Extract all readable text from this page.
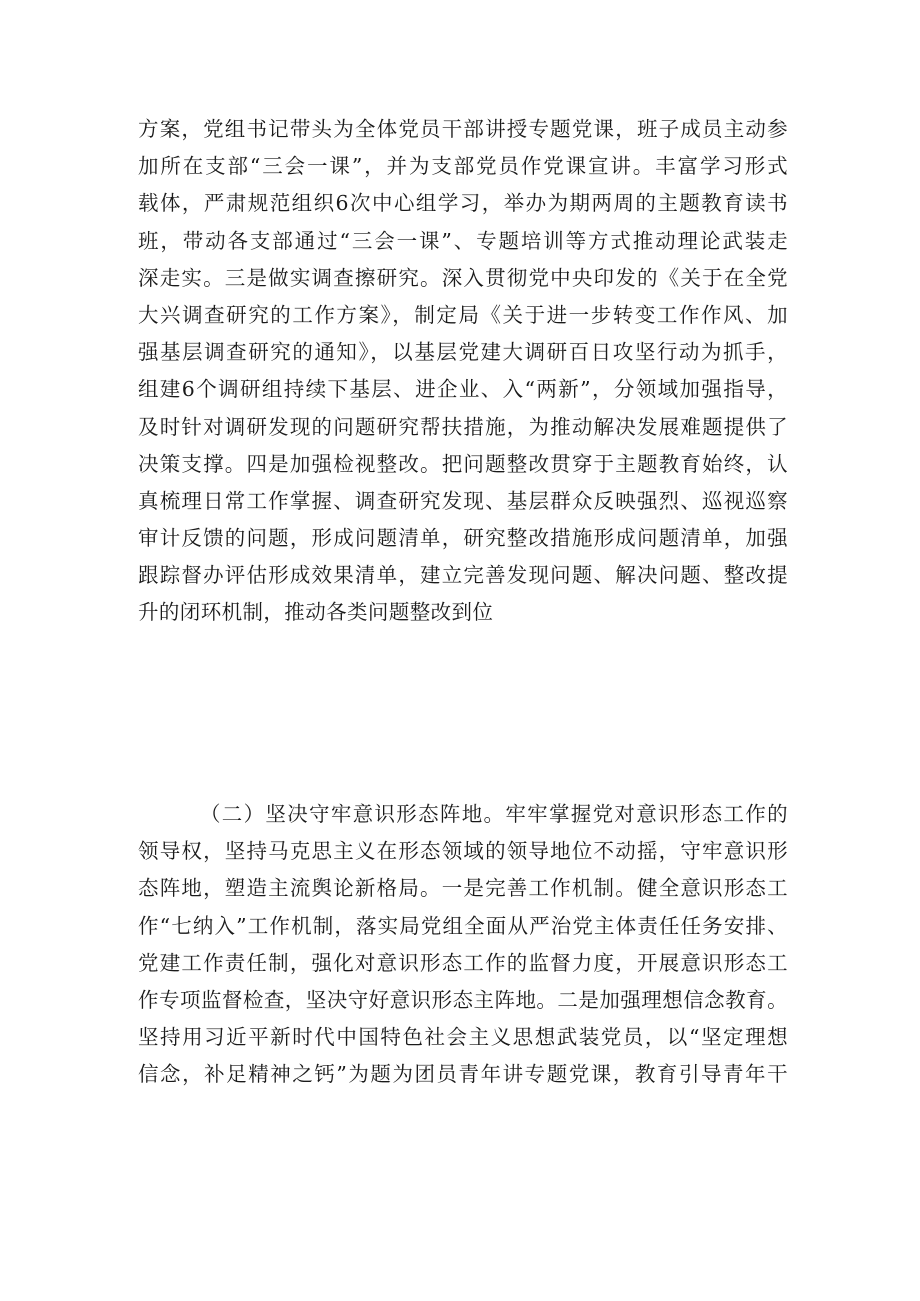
方案，党组书记带头为全体党员干部讲授专题党课，班子成员主动参
加所在支部“三会一课”，并为支部党员作党课宣讲。丰富学习形式
载体，严肃规范组织6次中心组学习，举办为期两周的主题教育读书
班，带动各支部通过“三会一课”、专题培训等方式推动理论武装走
深走实。三是做实调查擦研究。深入贯彻党中央印发的《关于在全党
大兴调查研究的工作方案》，制定局《关于进一步转变工作作风、加
强基层调查研究的通知》，以基层党建大调研百日攻坚行动为抓手，
组建6个调研组持续下基层、进企业、入“两新”，分领域加强指导，
及时针对调研发现的问题研究帮扶措施，为推动解决发展难题提供了
决策支撑。四是加强检视整改。把问题整改贯穿于主题教育始终，认
真梳理日常工作掌握、调查研究发现、基层群众反映强烈、巡视巡察
审计反馈的问题，形成问题清单，研究整改措施形成问题清单，加强
跟踪督办评估形成效果清单，建立完善发现问题、解决问题、整改提
升的闭环机制，推动各类问题整改到位
（二）坚决守牢意识形态阵地。牢牢掌握党对意识形态工作的
领导权，坚持马克思主义在形态领域的领导地位不动摇，守牢意识形
态阵地，塑造主流舆论新格局。一是完善工作机制。健全意识形态工
作“七纳入”工作机制，落实局党组全面从严治党主体责任任务安排、
党建工作责任制，强化对意识形态工作的监督力度，开展意识形态工
作专项监督检查，坚决守好意识形态主阵地。二是加强理想信念教育。
坚持用习近平新时代中国特色社会主义思想武装党员，以“坚定理想
信念，补足精神之钙”为题为团员青年讲专题党课，教育引导青年干
